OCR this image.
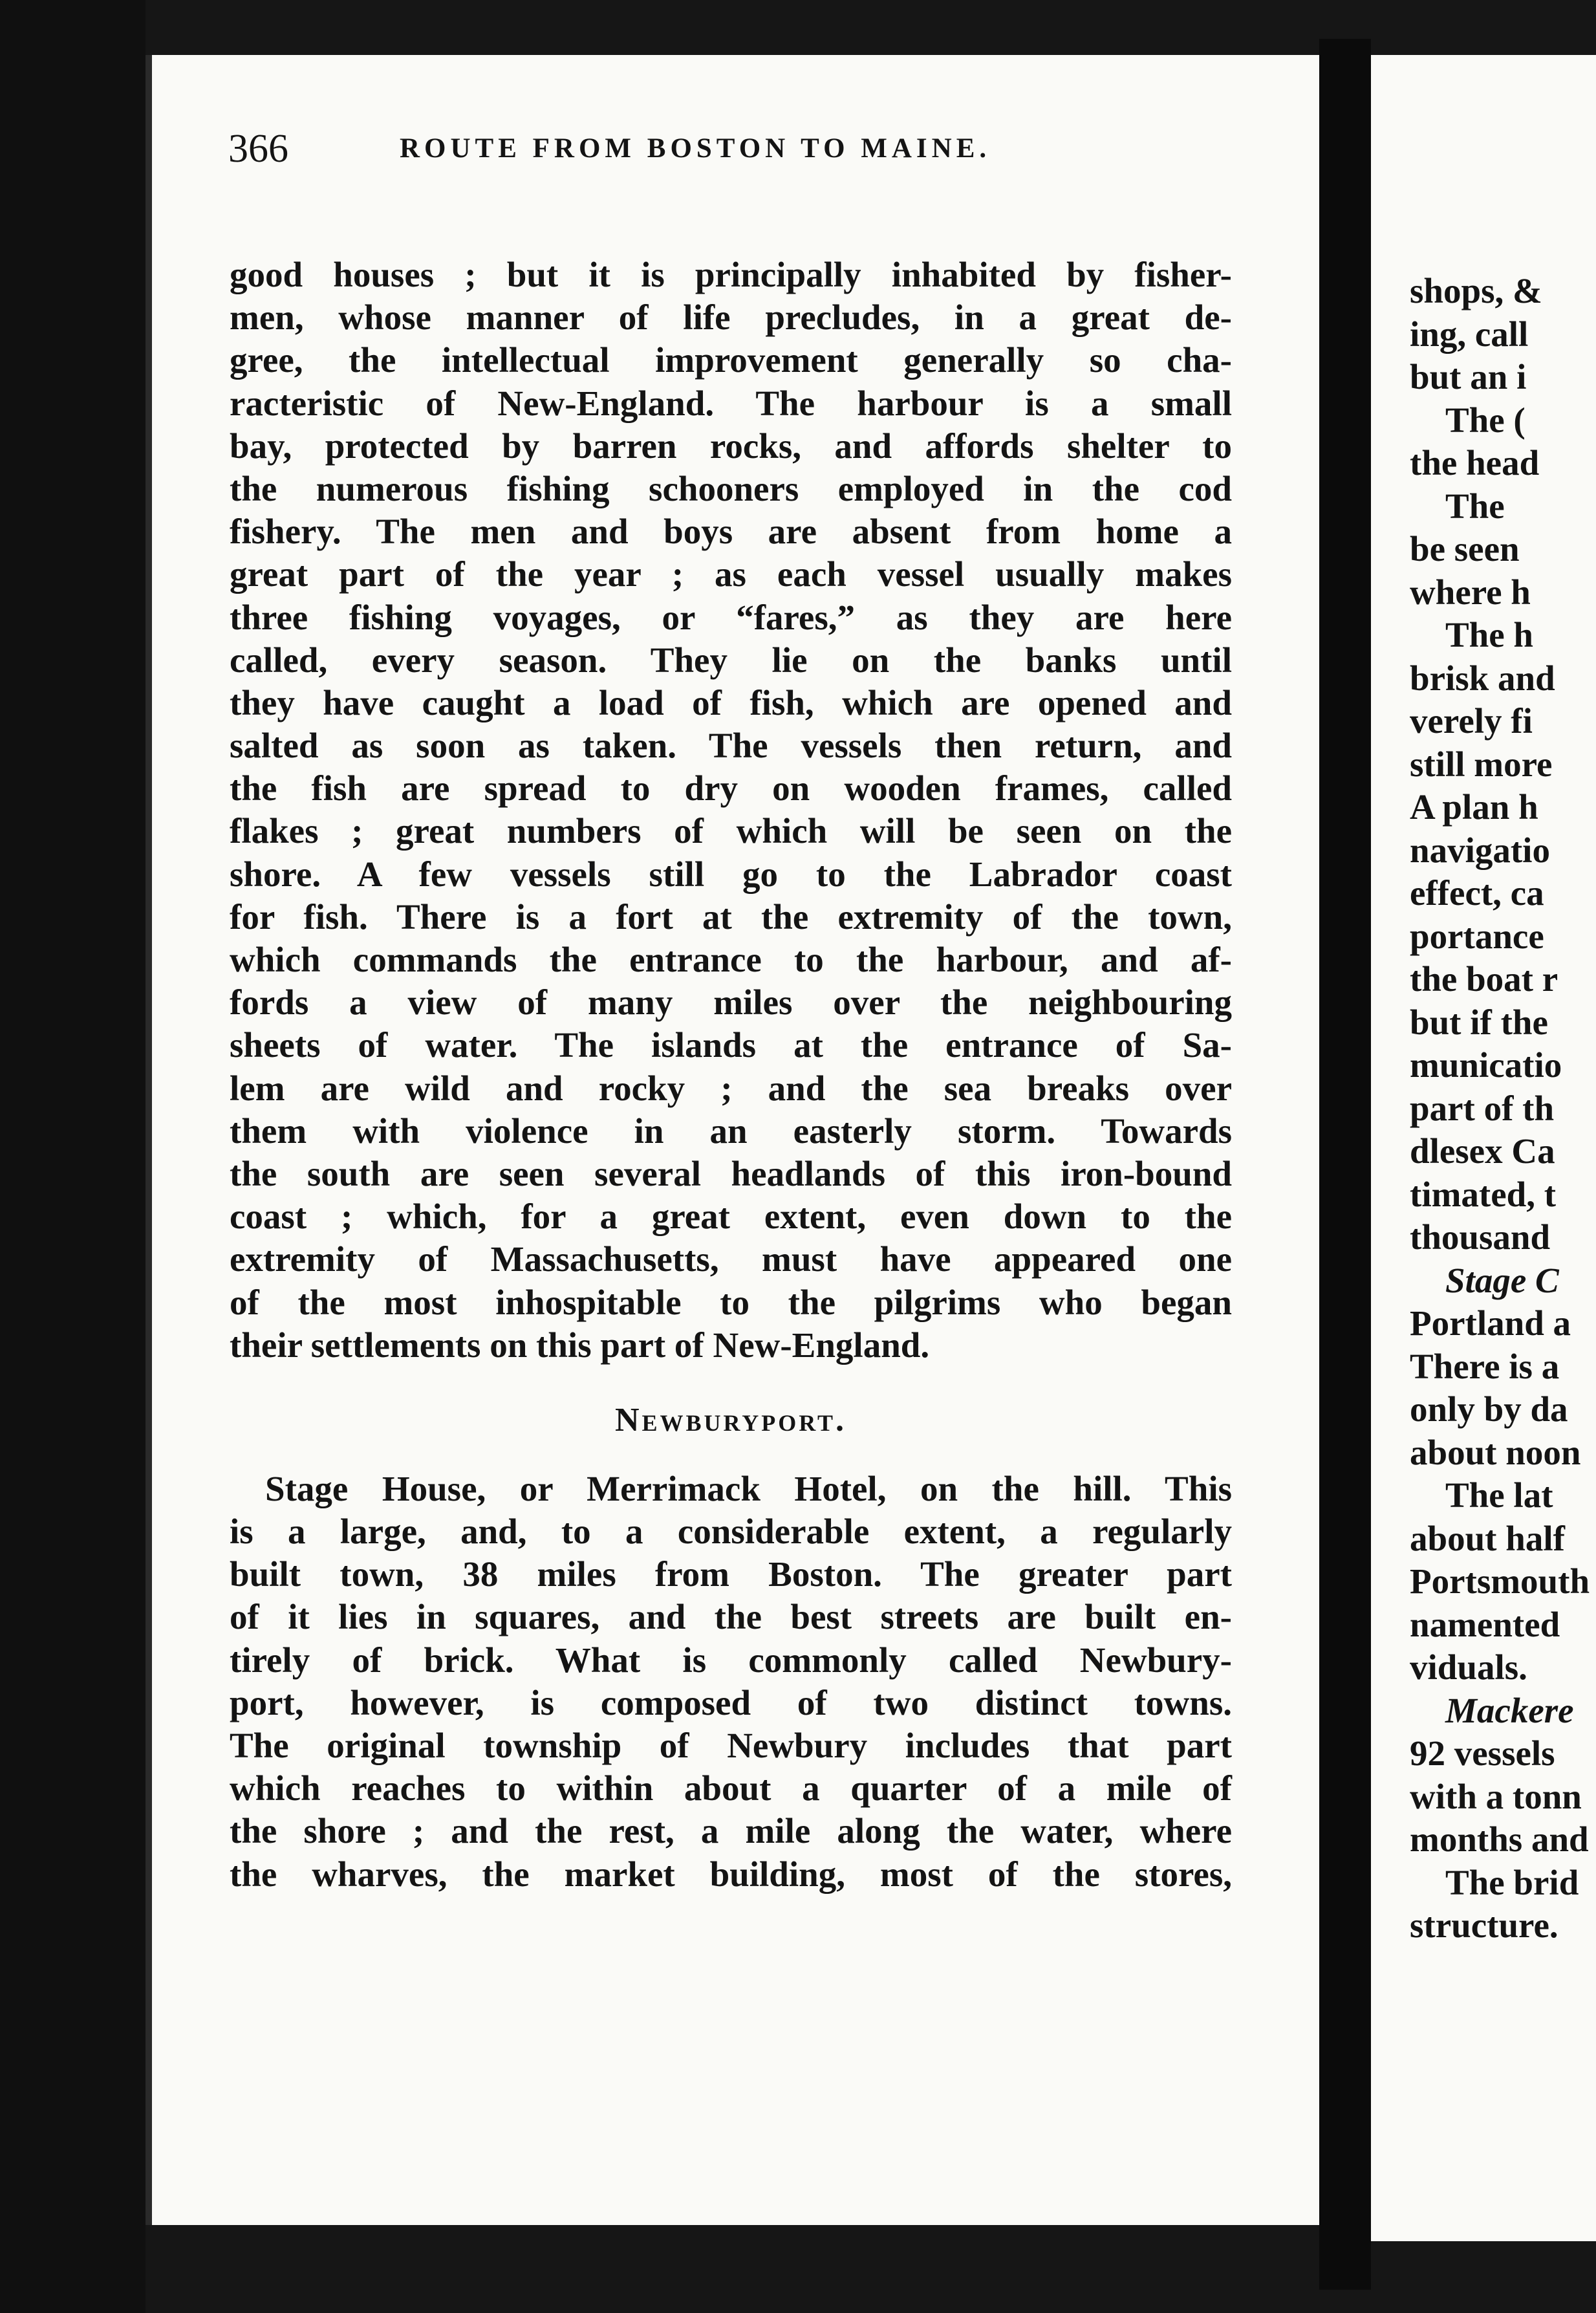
shops, &
ing, call
but an i
The (
the head
The
be seen
where h
The h
brisk and
verely fi
still more
A plan h
navigatio
effect, ca
portance
the boat r
but if the
municatio
part of th
dlesex Ca
timated, t
thousand
Stage C
Portland a
There is a
only by da
about noon
The lat
about half
Portsmouth
namented
viduals.
Mackere
92 vessels
with a tonn
months and
The brid
structure.
366	ROUTE FROM BOSTON TO MAINE.
good houses ; but it is principally inhabited by fisher-
men, whose manner of life precludes, in a great de-
gree, the intellectual improvement generally so cha-
racteristic of New-England. The harbour is a small
bay, protected by barren rocks, and affords shelter to
the numerous fishing schooners employed in the cod
fishery. The men and boys are absent from home a
great part of the year ; as each vessel usually makes
three fishing voyages, or “fares,” as they are here
called, every season. They lie on the banks until
they have caught a load of fish, which are opened and
salted as soon as taken. The vessels then return, and
the fish are spread to dry on wooden frames, called
flakes ; great numbers of which will be seen on the
shore. A few vessels still go to the Labrador coast
for fish. There is a fort at the extremity of the town,
which commands the entrance to the harbour, and af-
fords a view of many miles over the neighbouring
sheets of water. The islands at the entrance of Sa-
lem are wild and rocky ; and the sea breaks over
them with violence in an easterly storm. Towards
the south are seen several headlands of this iron-bound
coast ; which, for a great extent, even down to the
extremity of Massachusetts, must have appeared one
of the most inhospitable to the pilgrims who began
their settlements on this part of New-England.
Newburyport.
Stage House, or Merrimack Hotel, on the hill. This
is a large, and, to a considerable extent, a regularly
built town, 38 miles from Boston. The greater part
of it lies in squares, and the best streets are built en-
tirely of brick. What is commonly called Newbury-
port, however, is composed of two distinct towns.
The original township of Newbury includes that part
which reaches to within about a quarter of a mile of
the shore ; and the rest, a mile along the water, where
the wharves, the market building, most of the stores,
